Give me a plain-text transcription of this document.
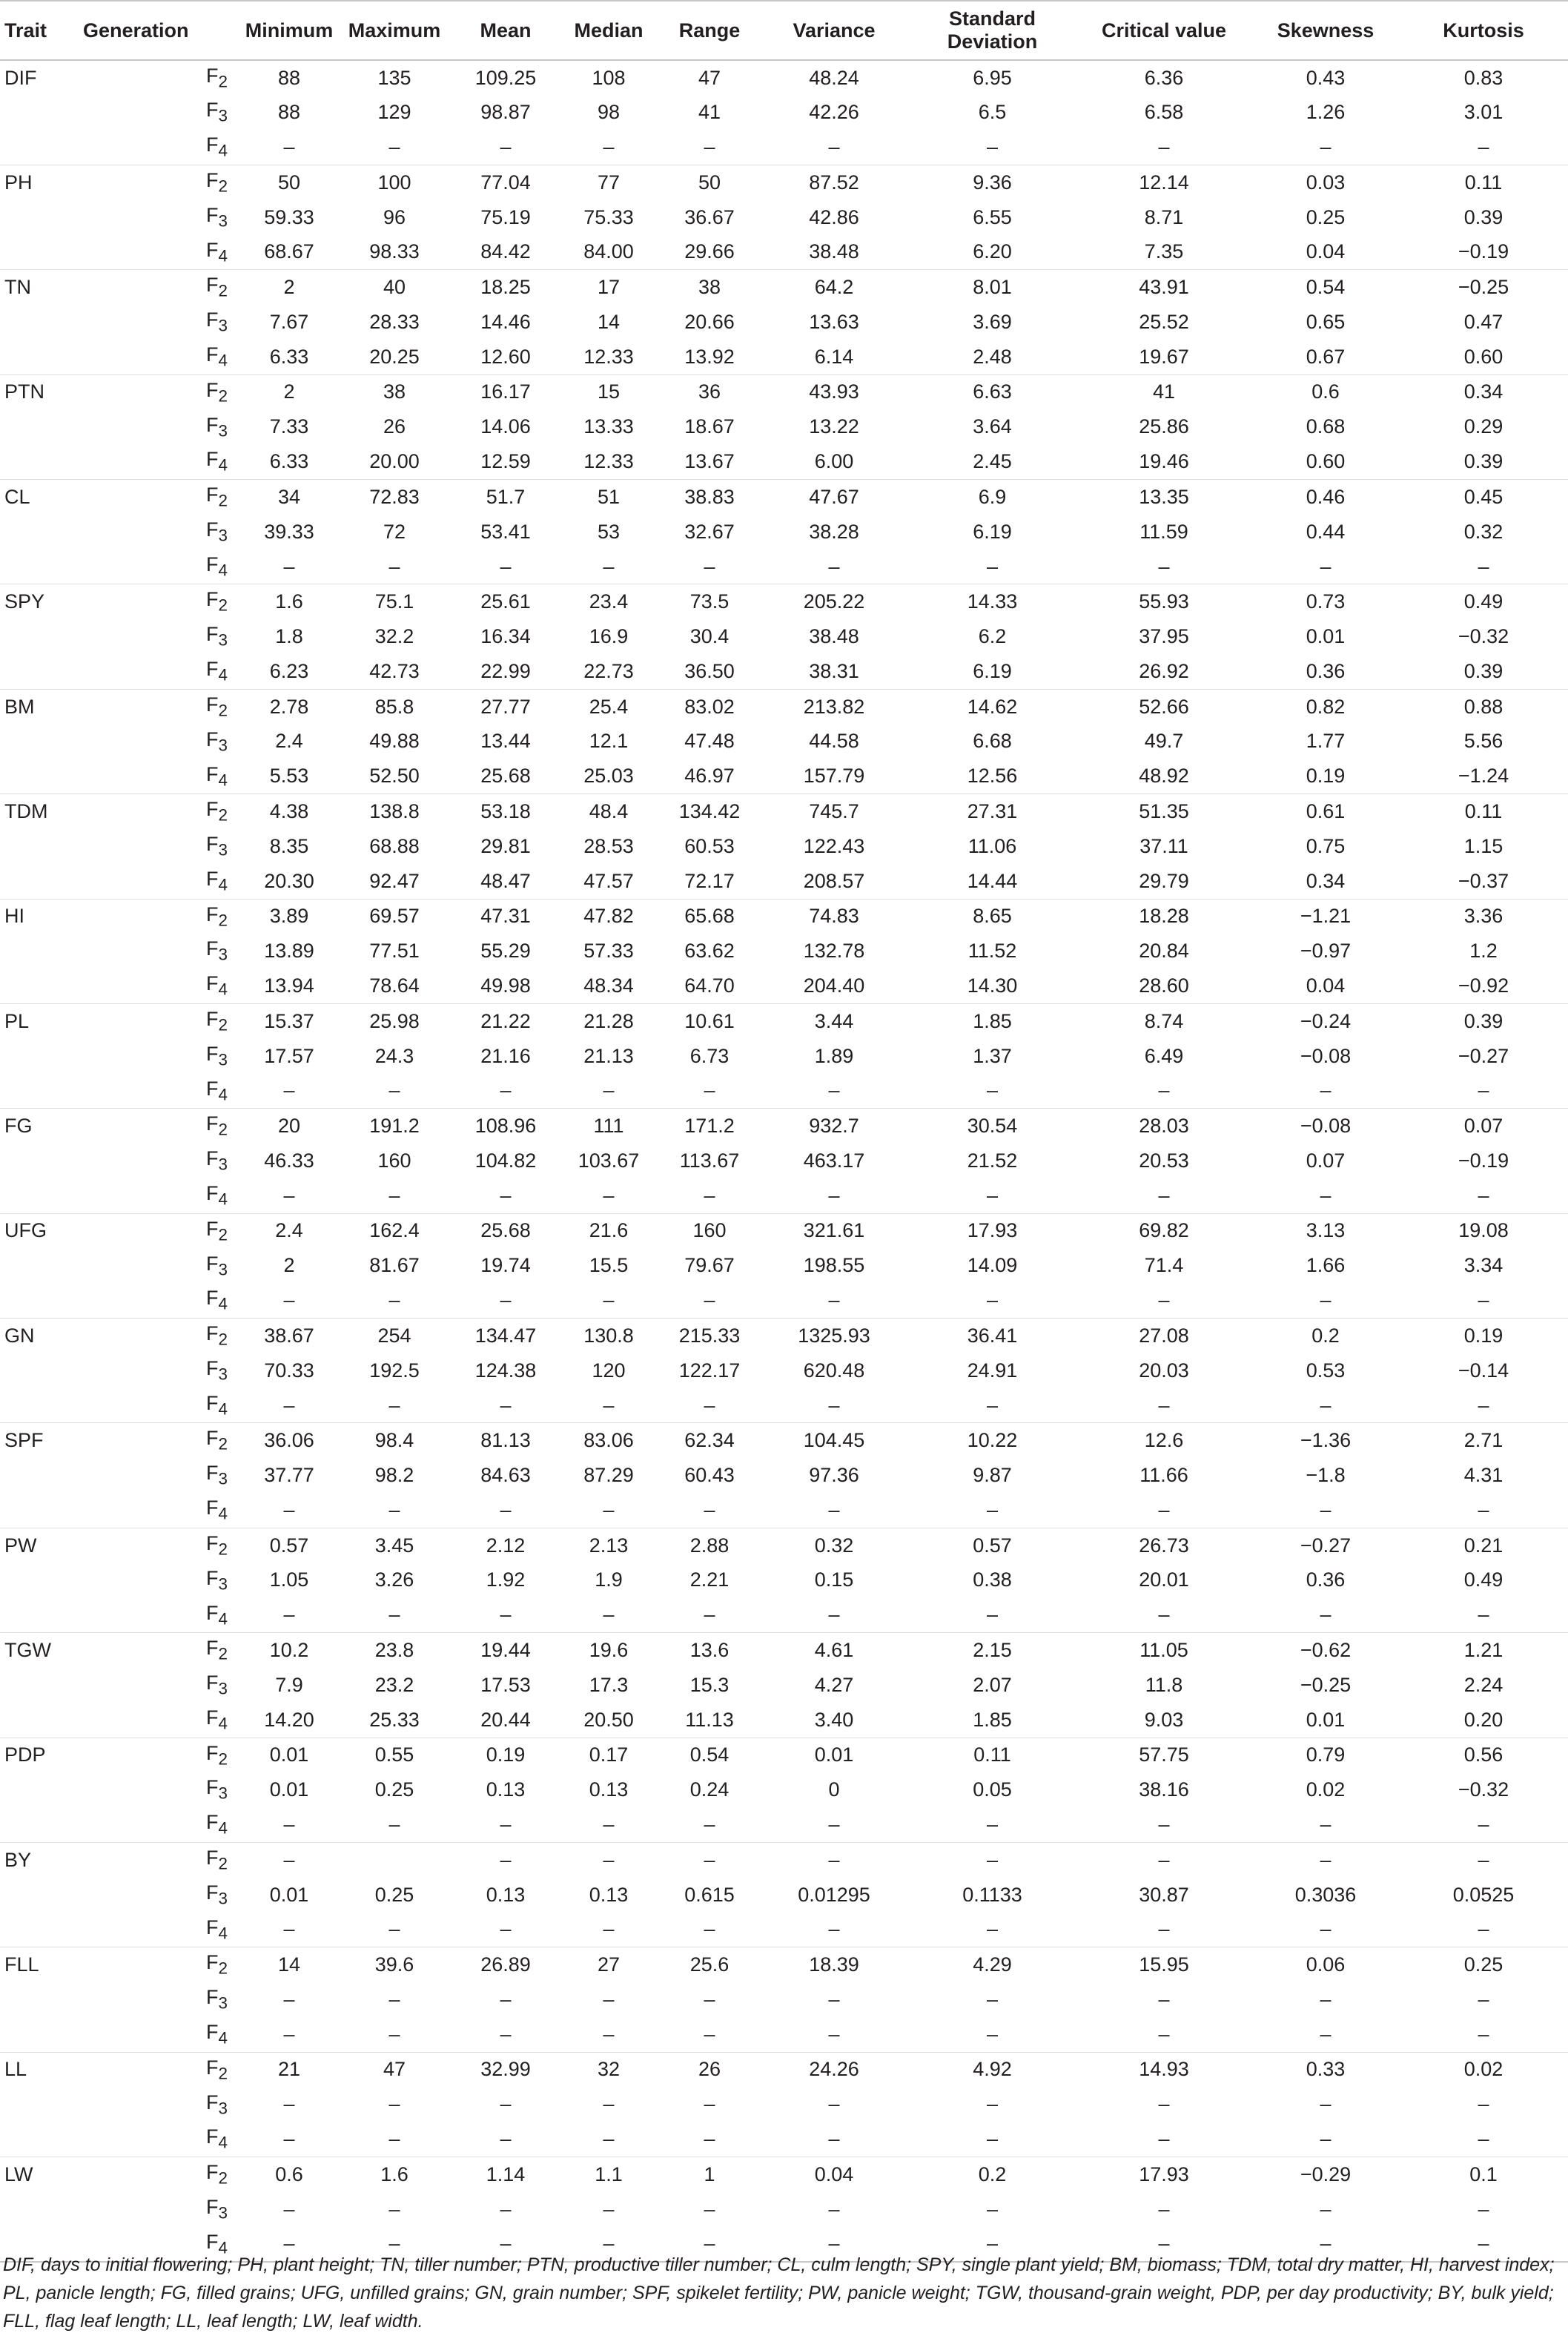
Trait	Generation	Minimum	Maximum	Mean	Median	Range	Variance	Standard Deviation	Critical value	Skewness	Kurtosis
DIF	$F_2$	88	135	109.25	108	47	48.24	6.95	6.36	0.43	0.83
	$F_3$	88	129	98.87	98	41	42.26	6.5	6.58	1.26	3.01
	$F_4$	–	–	–	–	–	–	–	–	–	–
PH	$F_2$	50	100	77.04	77	50	87.52	9.36	12.14	0.03	0.11
	$F_3$	59.33	96	75.19	75.33	36.67	42.86	6.55	8.71	0.25	0.39
	$F_4$	68.67	98.33	84.42	84.00	29.66	38.48	6.20	7.35	0.04	−0.19
TN	$F_2$	2	40	18.25	17	38	64.2	8.01	43.91	0.54	−0.25
	$F_3$	7.67	28.33	14.46	14	20.66	13.63	3.69	25.52	0.65	0.47
	$F_4$	6.33	20.25	12.60	12.33	13.92	6.14	2.48	19.67	0.67	0.60
PTN	$F_2$	2	38	16.17	15	36	43.93	6.63	41	0.6	0.34
	$F_3$	7.33	26	14.06	13.33	18.67	13.22	3.64	25.86	0.68	0.29
	$F_4$	6.33	20.00	12.59	12.33	13.67	6.00	2.45	19.46	0.60	0.39
CL	$F_2$	34	72.83	51.7	51	38.83	47.67	6.9	13.35	0.46	0.45
	$F_3$	39.33	72	53.41	53	32.67	38.28	6.19	11.59	0.44	0.32
	$F_4$	–	–	–	–	–	–	–	–	–	–
SPY	$F_2$	1.6	75.1	25.61	23.4	73.5	205.22	14.33	55.93	0.73	0.49
	$F_3$	1.8	32.2	16.34	16.9	30.4	38.48	6.2	37.95	0.01	−0.32
	$F_4$	6.23	42.73	22.99	22.73	36.50	38.31	6.19	26.92	0.36	0.39
BM	$F_2$	2.78	85.8	27.77	25.4	83.02	213.82	14.62	52.66	0.82	0.88
	$F_3$	2.4	49.88	13.44	12.1	47.48	44.58	6.68	49.7	1.77	5.56
	$F_4$	5.53	52.50	25.68	25.03	46.97	157.79	12.56	48.92	0.19	−1.24
TDM	$F_2$	4.38	138.8	53.18	48.4	134.42	745.7	27.31	51.35	0.61	0.11
	$F_3$	8.35	68.88	29.81	28.53	60.53	122.43	11.06	37.11	0.75	1.15
	$F_4$	20.30	92.47	48.47	47.57	72.17	208.57	14.44	29.79	0.34	−0.37
HI	$F_2$	3.89	69.57	47.31	47.82	65.68	74.83	8.65	18.28	−1.21	3.36
	$F_3$	13.89	77.51	55.29	57.33	63.62	132.78	11.52	20.84	−0.97	1.2
	$F_4$	13.94	78.64	49.98	48.34	64.70	204.40	14.30	28.60	0.04	−0.92
PL	$F_2$	15.37	25.98	21.22	21.28	10.61	3.44	1.85	8.74	−0.24	0.39
	$F_3$	17.57	24.3	21.16	21.13	6.73	1.89	1.37	6.49	−0.08	−0.27
	$F_4$	–	–	–	–	–	–	–	–	–	–
FG	$F_2$	20	191.2	108.96	111	171.2	932.7	30.54	28.03	−0.08	0.07
	$F_3$	46.33	160	104.82	103.67	113.67	463.17	21.52	20.53	0.07	−0.19
	$F_4$	–	–	–	–	–	–	–	–	–	–
UFG	$F_2$	2.4	162.4	25.68	21.6	160	321.61	17.93	69.82	3.13	19.08
	$F_3$	2	81.67	19.74	15.5	79.67	198.55	14.09	71.4	1.66	3.34
	$F_4$	–	–	–	–	–	–	–	–	–	–
GN	$F_2$	38.67	254	134.47	130.8	215.33	1325.93	36.41	27.08	0.2	0.19
	$F_3$	70.33	192.5	124.38	120	122.17	620.48	24.91	20.03	0.53	−0.14
	$F_4$	–	–	–	–	–	–	–	–	–	–
SPF	$F_2$	36.06	98.4	81.13	83.06	62.34	104.45	10.22	12.6	−1.36	2.71
	$F_3$	37.77	98.2	84.63	87.29	60.43	97.36	9.87	11.66	−1.8	4.31
	$F_4$	–	–	–	–	–	–	–	–	–	–
PW	$F_2$	0.57	3.45	2.12	2.13	2.88	0.32	0.57	26.73	−0.27	0.21
	$F_3$	1.05	3.26	1.92	1.9	2.21	0.15	0.38	20.01	0.36	0.49
	$F_4$	–	–	–	–	–	–	–	–	–	–
TGW	$F_2$	10.2	23.8	19.44	19.6	13.6	4.61	2.15	11.05	−0.62	1.21
	$F_3$	7.9	23.2	17.53	17.3	15.3	4.27	2.07	11.8	−0.25	2.24
	$F_4$	14.20	25.33	20.44	20.50	11.13	3.40	1.85	9.03	0.01	0.20
PDP	$F_2$	0.01	0.55	0.19	0.17	0.54	0.01	0.11	57.75	0.79	0.56
	$F_3$	0.01	0.25	0.13	0.13	0.24	0	0.05	38.16	0.02	−0.32
	$F_4$	–	–	–	–	–	–	–	–	–	–
BY	$F_2$	–		–	–	–	–	–	–	–	–
	$F_3$	0.01	0.25	0.13	0.13	0.615	0.01295	0.1133	30.87	0.3036	0.0525
	$F_4$	–	–	–	–	–	–	–	–	–	–
FLL	$F_2$	14	39.6	26.89	27	25.6	18.39	4.29	15.95	0.06	0.25
	$F_3$	–	–	–	–	–	–	–	–	–	–
	$F_4$	–	–	–	–	–	–	–	–	–	–
LL	$F_2$	21	47	32.99	32	26	24.26	4.92	14.93	0.33	0.02
	$F_3$	–	–	–	–	–	–	–	–	–	–
	$F_4$	–	–	–	–	–	–	–	–	–	–
LW	$F_2$	0.6	1.6	1.14	1.1	1	0.04	0.2	17.93	−0.29	0.1
	$F_3$	–	–	–	–	–	–	–	–	–	–
	$F_4$	–	–	–	–	–	–	–	–	–	–
DIF, days to initial flowering; PH, plant height; TN, tiller number; PTN, productive tiller number; CL, culm length; SPY, single plant yield; BM, biomass; TDM, total dry matter, HI, harvest index; PL, panicle length; FG, filled grains; UFG, unfilled grains; GN, grain number; SPF, spikelet fertility; PW, panicle weight; TGW, thousand-grain weight, PDP, per day productivity; BY, bulk yield; FLL, flag leaf length; LL, leaf length; LW, leaf width.
